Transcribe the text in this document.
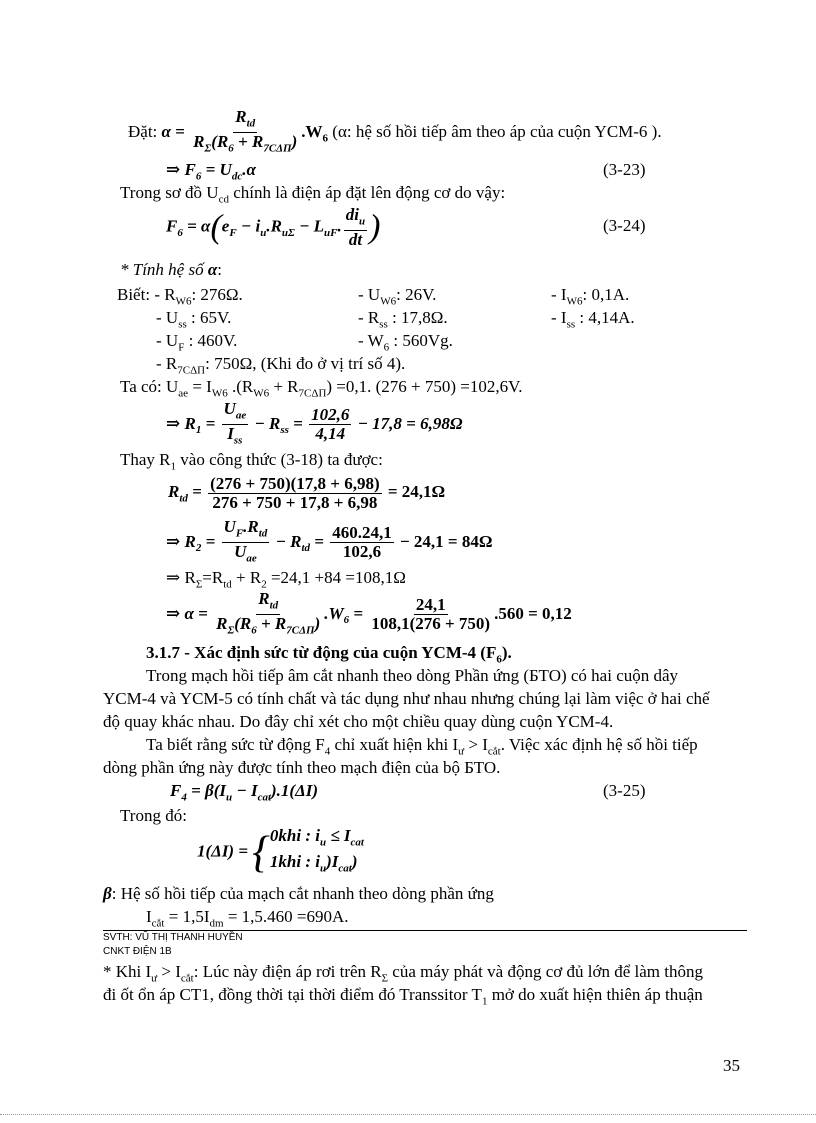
Đặt: $\alpha = \frac{R_{td}}{R_\Sigma(R_6 + R_{7C\Delta П})} .W_6$ (α: hệ số hồi tiếp âm theo áp của cuộn YCM-6 ).
⇒ $F_6 = U_{dc}.\alpha$	(3-23)
Trong sơ đồ $U_{cd}$ chính là điện áp đặt lên động cơ do vậy:
$F_6 = \alpha(e_F - i_u.R_{u\Sigma} - L_{uF}$. $\frac{di_u}{dt}$ )	(3-24)
* Tính hệ số α:
Biết: - $R_{W6}$: 276Ω.	- $U_{W6}$: 26V.	- $I_{W6}$: 0,1A.
- $U_{ss}$ : 65V.	- $R_{ss}$ : 17,8Ω.	- $I_{ss}$ : 4,14A.
- $U_F$ : 460V.	- $W_6$ : 560Vg.
- $R_{7C\Delta П}$: 750Ω, (Khi đo ở vị trí số 4).
Ta có: $U_{ae} = I_{W6}$ $.(R_{W6} + R_{7C\Delta П}) =0,1$. (276 + 750) =102,6V.
⇒ $R_1 = \frac{U_{ae}}{I_{ss}} - R_{ss} = \frac{102,6}{4,14} - 17,8 = 6,98\Omega$
Thay $R_1$ vào công thức (3-18) ta được:
$R_{td} = \frac{(276 + 750)(17,8 + 6,98)}{276 + 750 + 17,8 + 6,98} = 24,1\Omega$
⇒ $R_2 = \frac{U_F.R_{td}}{U_{ae}} - R_{td} = \frac{460.24,1}{102,6} - 24,1 = 84\Omega$
⇒ $R_\Sigma=R_{td} + R_2 =24,1 +84 =108,1\Omega$
⇒ $\alpha = \frac{R_{td}}{R_\Sigma(R_6 + R_{7C\Delta П})} .W_6 = \frac{24,1}{108,1(276 + 750)} .560 = 0,12$
3.1.7 - Xác định sức từ động của cuộn YCM-4 $(F_6)$.
Trong mạch hồi tiếp âm cắt nhanh theo dòng Phần ứng (БТО) có hai cuộn dây
YCM-4 và YCM-5 có tính chất và tác dụng như nhau nhưng chúng lại làm việc ở hai chế
độ quay khác nhau. Do đây chỉ xét cho một chiều quay dùng cuộn YCM-4.
Ta biết rằng sức từ động $F_4$ chỉ xuất hiện khi $I_ư > I_{cắt}$. Việc xác định hệ số hồi tiếp
dòng phần ứng này được tính theo mạch điện của bộ БТО.
$F_4 = \beta(I_u - I_{cat}).1(\Delta I)$	(3-25)
Trong đó:
1(ΔI) = { 0khi : $i_u \le I_{cat}$
1khi : $i_u)I_{cat}$)
β: Hệ số hồi tiếp của mạch cắt nhanh theo dòng phần ứng
$I_{cắt} = 1,5I_{dm} = 1,5.460 =690A$.
SVTH: VŨ THỊ THANH HUYỀN
CNKT ĐIỆN 1B
* Khi $I_ư > I_{cắt}$: Lúc này điện áp rơi trên $R_\Sigma$ của máy phát và động cơ đủ lớn để làm thông
đi ốt ổn áp CT1, đồng thời tại thời điểm đó Transsitor $T_1$ mở do xuất hiện thiên áp thuận
35
